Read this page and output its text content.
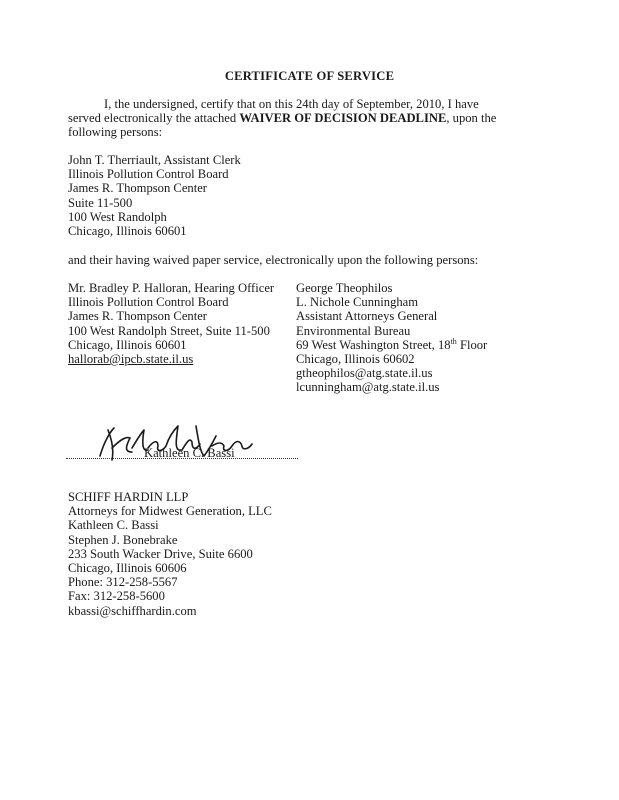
CERTIFICATE OF SERVICE
I, the undersigned, certify that on this 24th day of September, 2010, I have served electronically the attached WAIVER OF DECISION DEADLINE, upon the following persons:
John T. Therriault, Assistant Clerk
Illinois Pollution Control Board
James R. Thompson Center
Suite 11-500
100 West Randolph
Chicago, Illinois 60601
and their having waived paper service, electronically upon the following persons:
Mr. Bradley P. Halloran, Hearing Officer
Illinois Pollution Control Board
James R. Thompson Center
100 West Randolph Street, Suite 11-500
Chicago, Illinois 60601
hallorab@ipcb.state.il.us
George Theophilos
L. Nichole Cunningham
Assistant Attorneys General
Environmental Bureau
69 West Washington Street, 18th Floor
Chicago, Illinois 60602
gtheophilos@atg.state.il.us
lcunningham@atg.state.il.us
Kathleen C. Bassi
SCHIFF HARDIN LLP
Attorneys for Midwest Generation, LLC
Kathleen C. Bassi
Stephen J. Bonebrake
233 South Wacker Drive, Suite 6600
Chicago, Illinois 60606
Phone: 312-258-5567
Fax: 312-258-5600
kbassi@schiffhardin.com
